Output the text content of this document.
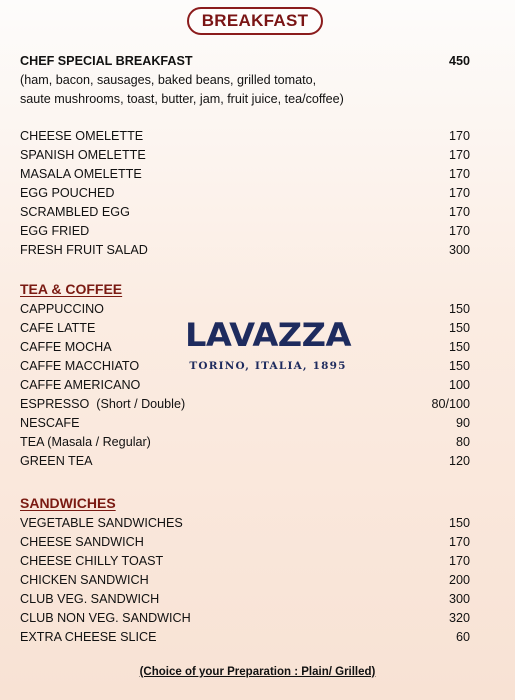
BREAKFAST
CHEF SPECIAL BREAKFAST	450
(ham, bacon, sausages, baked beans, grilled tomato,
saute mushrooms, toast, butter, jam, fruit juice, tea/coffee)
CHEESE OMELETTE	170
SPANISH OMELETTE	170
MASALA OMELETTE	170
EGG POUCHED	170
SCRAMBLED EGG	170
EGG FRIED	170
FRESH FRUIT SALAD	300
TEA & COFFEE
LAVAZZA
TORINO, ITALIA, 1895
CAPPUCCINO	150
CAFE LATTE	150
CAFFE MOCHA	150
CAFFE MACCHIATO	150
CAFFE AMERICANO	100
ESPRESSO  (Short / Double)	80/100
NESCAFE	90
TEA (Masala / Regular)	80
GREEN TEA	120
SANDWICHES
VEGETABLE SANDWICHES	150
CHEESE SANDWICH	170
CHEESE CHILLY TOAST	170
CHICKEN SANDWICH	200
CLUB VEG. SANDWICH	300
CLUB NON VEG. SANDWICH	320
EXTRA CHEESE SLICE	60
(Choice of your Preparation : Plain/ Grilled)
